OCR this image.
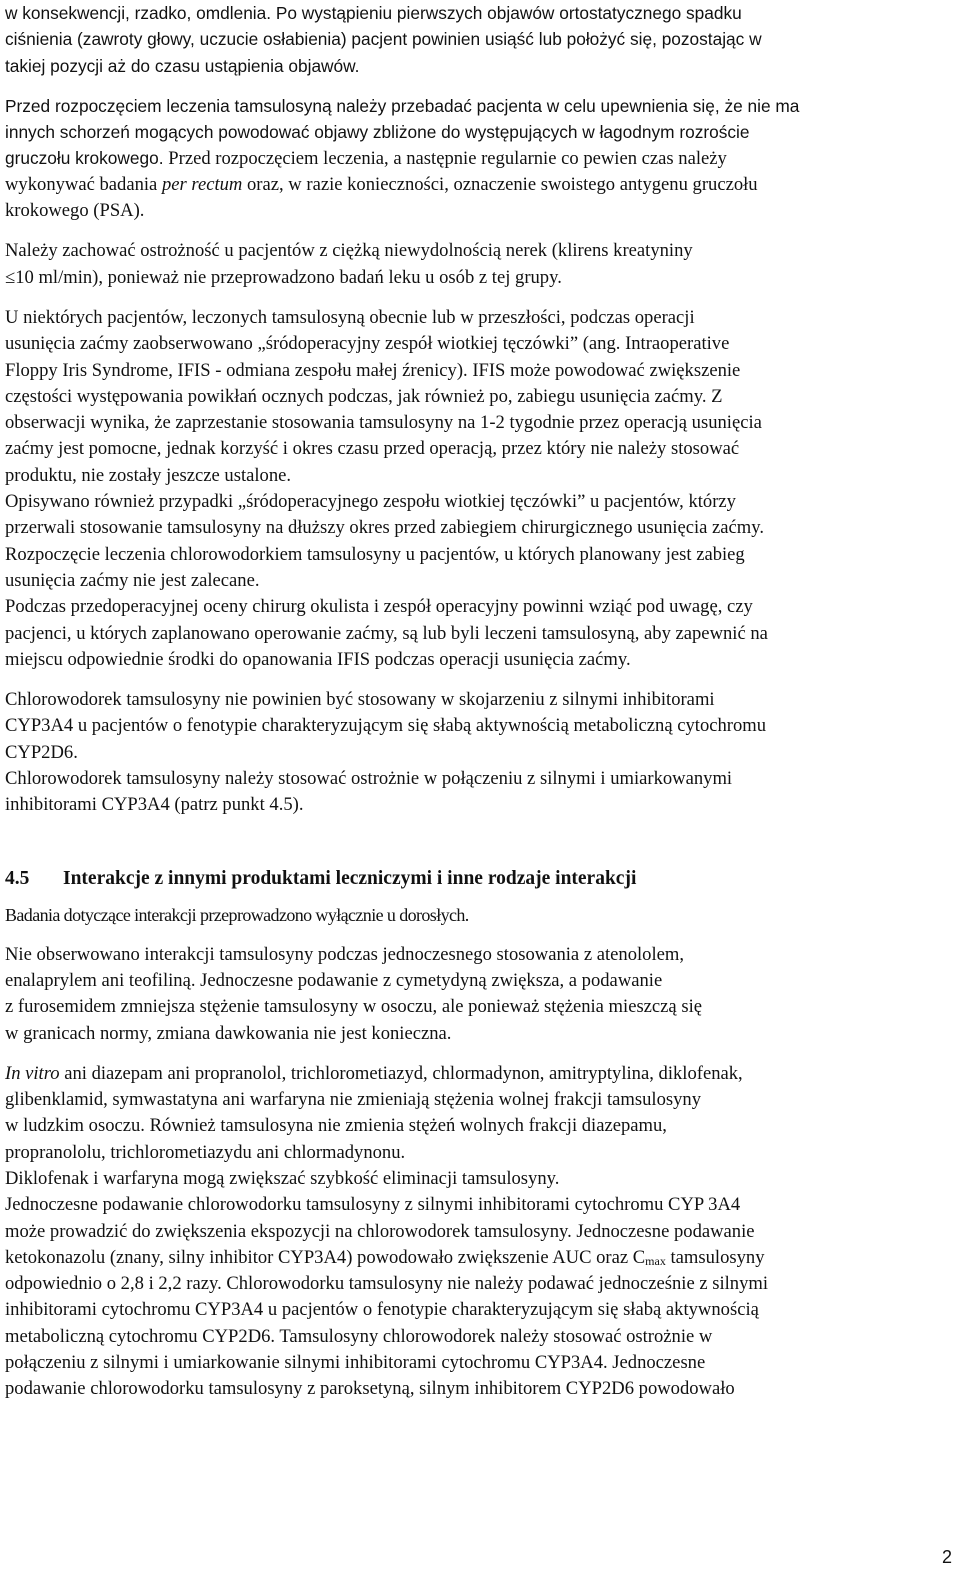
w konsekwencji, rzadko, omdlenia. Po wystąpieniu pierwszych objawów ortostatycznego spadku
ciśnienia (zawroty głowy, uczucie osłabienia) pacjent powinien usiąść lub położyć się, pozostając w
takiej pozycji aż do czasu ustąpienia objawów.
Przed rozpoczęciem leczenia tamsulosyną należy przebadać pacjenta w celu upewnienia się, że nie ma
innych schorzeń mogących powodować objawy zbliżone do występujących w łagodnym rozroście
gruczołu krokowego. Przed rozpoczęciem leczenia, a następnie regularnie co pewien czas należy
wykonywać badania per rectum oraz, w razie konieczności, oznaczenie swoistego antygenu gruczołu
krokowego (PSA).
Należy zachować ostrożność u pacjentów z ciężką niewydolnością nerek (klirens kreatyniny
≤10 ml/min), ponieważ nie przeprowadzono badań leku u osób z tej grupy.
U niektórych pacjentów, leczonych tamsulosyną obecnie lub w przeszłości, podczas operacji
usunięcia zaćmy zaobserwowano „śródoperacyjny zespół wiotkiej tęczówki” (ang. Intraoperative
Floppy Iris Syndrome, IFIS - odmiana zespołu małej źrenicy). IFIS może powodować zwiększenie
częstości występowania powikłań ocznych podczas, jak również po, zabiegu usunięcia zaćmy. Z
obserwacji wynika, że zaprzestanie stosowania tamsulosyny na 1-2 tygodnie przez operacją usunięcia
zaćmy jest pomocne, jednak korzyść i okres czasu przed operacją, przez który nie należy stosować
produktu, nie zostały jeszcze ustalone.
Opisywano również przypadki „śródoperacyjnego zespołu wiotkiej tęczówki” u pacjentów, którzy
przerwali stosowanie tamsulosyny na dłuższy okres przed zabiegiem chirurgicznego usunięcia zaćmy.
Rozpoczęcie leczenia chlorowodorkiem tamsulosyny u pacjentów, u których planowany jest zabieg
usunięcia zaćmy nie jest zalecane.
Podczas przedoperacyjnej oceny chirurg okulista i zespół operacyjny powinni wziąć pod uwagę, czy
pacjenci, u których zaplanowano operowanie zaćmy, są lub byli leczeni tamsulosyną, aby zapewnić na
miejscu odpowiednie środki do opanowania IFIS podczas operacji usunięcia zaćmy.
Chlorowodorek tamsulosyny nie powinien być stosowany w skojarzeniu z silnymi inhibitorami
CYP3A4 u pacjentów o fenotypie charakteryzującym się słabą aktywnością metaboliczną cytochromu
CYP2D6.
Chlorowodorek tamsulosyny należy stosować ostrożnie w połączeniu z silnymi i umiarkowanymi
inhibitorami CYP3A4 (patrz punkt 4.5).
4.5 Interakcje z innymi produktami leczniczymi i inne rodzaje interakcji
Badania dotyczące interakcji przeprowadzono wyłącznie u dorosłych.
Nie obserwowano interakcji tamsulosyny podczas jednoczesnego stosowania z atenololem,
enalaprylem ani teofiliną. Jednoczesne podawanie z cymetydyną zwiększa, a podawanie
z furosemidem zmniejsza stężenie tamsulosyny w osoczu, ale ponieważ stężenia mieszczą się
w granicach normy, zmiana dawkowania nie jest konieczna.
In vitro ani diazepam ani propranolol, trichlorometiazyd, chlormadynon, amitryptylina, diklofenak,
glibenklamid, symwastatyna ani warfaryna nie zmieniają stężenia wolnej frakcji tamsulosyny
w ludzkim osoczu. Również tamsulosyna nie zmienia stężeń wolnych frakcji diazepamu,
propranololu, trichlorometiazydu ani chlormadynonu.
Diklofenak i warfaryna mogą zwiększać szybkość eliminacji tamsulosyny.
Jednoczesne podawanie chlorowodorku tamsulosyny z silnymi inhibitorami cytochromu CYP 3A4
może prowadzić do zwiększenia ekspozycji na chlorowodorek tamsulosyny. Jednoczesne podawanie
ketokonazolu (znany, silny inhibitor CYP3A4) powodowało zwiększenie AUC oraz $C_{max}$ tamsulosyny
odpowiednio o 2,8 i 2,2 razy. Chlorowodorku tamsulosyny nie należy podawać jednocześnie z silnymi
inhibitorami cytochromu CYP3A4 u pacjentów o fenotypie charakteryzującym się słabą aktywnością
metaboliczną cytochromu CYP2D6. Tamsulosyny chlorowodorek należy stosować ostrożnie w
połączeniu z silnymi i umiarkowanie silnymi inhibitorami cytochromu CYP3A4. Jednoczesne
podawanie chlorowodorku tamsulosyny z paroksetyną, silnym inhibitorem CYP2D6 powodowało
2
